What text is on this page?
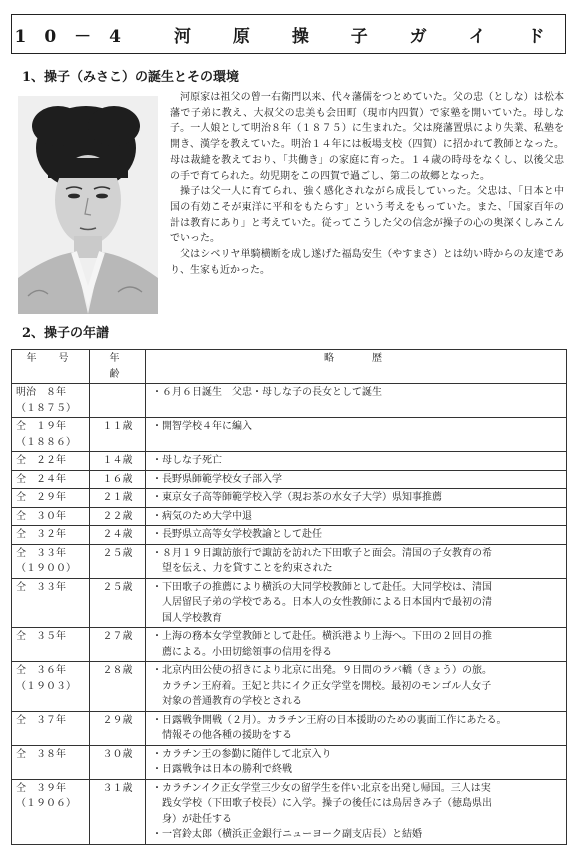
10－4　河 原 操 子 ガ イ ド
1、操子（みさこ）の誕生とその環境

河原家は祖父の曾一右衛門以来、代々藩儒をつとめていた。父の忠（としな）は松本藩で子弟に教え、大叔父の忠美も会田町（現市内四賀）で家塾を開いていた。母しな子。一人娘として明治８年（１８７５）に生まれた。父は廃藩置県により失業、私塾を開き、漢学を教えていた。明治１４年には板場支校（四賀）に招かれて教師となった。母は裁縫を教えており、「共働き」の家庭に育った。１４歳の時母をなくし、以後父忠の手で育てられた。幼児期をこの四賀で過ごし、第二の故郷となった。

操子は父一人に育てられ、強く感化されながら成長していった。父忠は、「日本と中国の有効こそが東洋に平和をもたらす」という考えをもっていた。また、「国家百年の計は教育にあり」と考えていた。従ってこうした父の信念が操子の心の奥深くしみこんでいった。

父はシベリヤ単騎横断を成し遂げた福島安生（やすまさ）とは幼い時からの友達であり、生家も近かった。

2、操子の年譜
年　号	年　齢	略　　歴
明治　８年
（１８７５）		・６月６日誕生　父忠・母しな子の長女として誕生
仝　１９年
（１８８６）	１１歳	・開智学校４年に編入
仝　２２年	１４歳	・母しな子死亡
仝　２４年	１６歳	・長野県師範学校女子部入学
仝　２９年	２１歳	・東京女子高等師範学校入学（現お茶の水女子大学）県知事推薦
仝　３０年	２２歳	・病気のため大学中退
仝　３２年	２４歳	・長野県立高等女学校教諭として赴任
仝　３３年
（１９００）	２５歳	・８月１９日諏訪旅行で諏訪を訪れた下田歌子と面会。清国の子女教育の希
　望を伝え、力を貸すことを約束された
仝　３３年	２５歳	・下田歌子の推薦により横浜の大同学校教師として赴任。大同学校は、清国
　人居留民子弟の学校である。日本人の女性教師による日本国内で最初の清
　国人学校教育
仝　３５年	２７歳	・上海の務本女学堂教師として赴任。横浜港より上海へ。下田の２回目の推
　薦による。小田切総領事の信用を得る
仝　３６年
（１９０３）	２８歳	・北京内田公使の招きにより北京に出発。９日間のラバ轎（きょう）の旅。
　カラチン王府着。王妃と共にイク正女学堂を開校。最初のモンゴル人女子
　対象の普通教育の学校とされる
仝　３７年	２９歳	・日露戦争開戦（２月）。カラチン王府の日本援助のための裏面工作にあたる。
　情報その他各種の援助をする
仝　３８年	３０歳	・カラチン王の参勤に随伴して北京入り
・日露戦争は日本の勝利で終戦
仝　３９年
（１９０６）	３１歳	・カラチンイク正女学堂三少女の留学生を伴い北京を出発し帰国。三人は実
　践女学校（下田歌子校長）に入学。操子の後任には鳥居きみ子（徳島県出
　身）が赴任する
・一宮鈴太郎（横浜正金銀行ニューヨーク副支店長）と結婚
